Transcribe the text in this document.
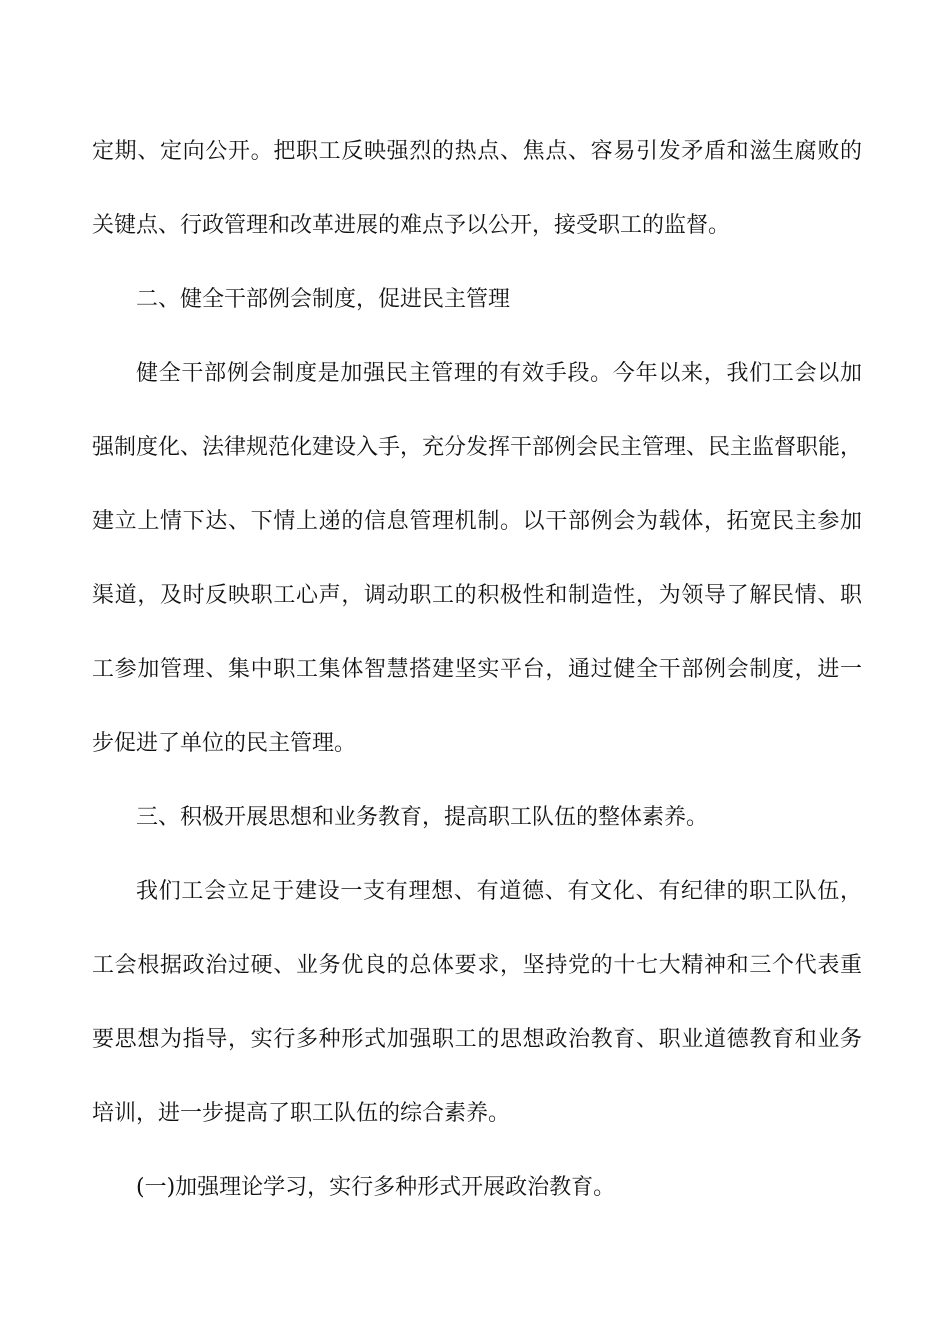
定期、定向公开。把职工反映强烈的热点、焦点、容易引发矛盾和滋生腐败的
关键点、行政管理和改革进展的难点予以公开，接受职工的监督。
二、健全干部例会制度，促进民主管理
健全干部例会制度是加强民主管理的有效手段。今年以来，我们工会以加
强制度化、法律规范化建设入手，充分发挥干部例会民主管理、民主监督职能，
建立上情下达、下情上递的信息管理机制。以干部例会为载体，拓宽民主参加
渠道，及时反映职工心声，调动职工的积极性和制造性，为领导了解民情、职
工参加管理、集中职工集体智慧搭建坚实平台，通过健全干部例会制度，进一
步促进了单位的民主管理。
三、积极开展思想和业务教育，提高职工队伍的整体素养。
我们工会立足于建设一支有理想、有道德、有文化、有纪律的职工队伍，
工会根据政治过硬、业务优良的总体要求，坚持党的十七大精神和三个代表重
要思想为指导，实行多种形式加强职工的思想政治教育、职业道德教育和业务
培训，进一步提高了职工队伍的综合素养。
(一)加强理论学习，实行多种形式开展政治教育。
